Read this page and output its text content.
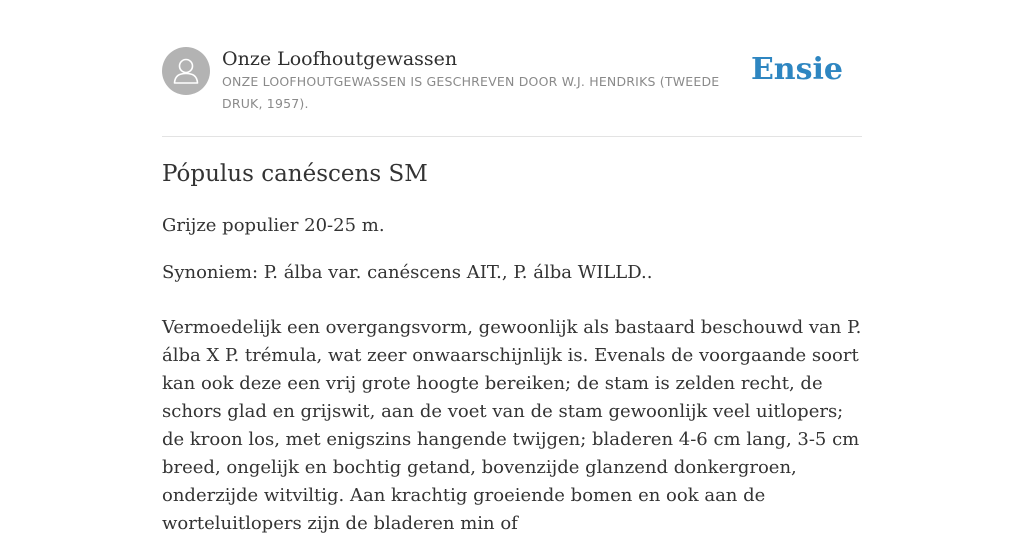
Onze Loofhoutgewassen
ONZE LOOFHOUTGEWASSEN IS GESCHREVEN DOOR W.J. HENDRIKS (TWEEDE DRUK, 1957).
Ensie
Pópulus canéscens SM

Grijze populier 20-25 m.

Synoniem: P. álba var. canéscens AIT., P. álba WILLD..

Vermoedelijk een overgangsvorm, gewoonlijk als bastaard beschouwd van P. álba X P. trémula, wat zeer onwaarschijnlijk is. Evenals de voorgaande soort kan ook deze een vrij grote hoogte bereiken; de stam is zelden recht, de schors glad en grijswit, aan de voet van de stam gewoonlijk veel uitlopers; de kroon los, met enigszins hangende twijgen; bladeren 4-6 cm lang, 3-5 cm breed, ongelijk en bochtig getand, bovenzijde glanzend donkergroen, onderzijde witviltig. Aan krachtig groeiende bomen en ook aan de worteluitlopers zijn de bladeren min of
